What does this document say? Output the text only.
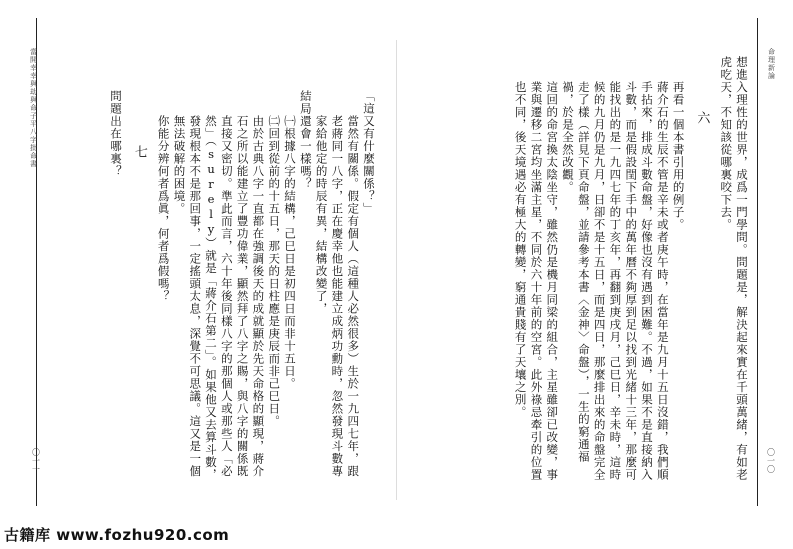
當開幸幸與劫與命子平八字批命書
〇一一

「這又有什麼關係？」

當然有關係。假定有個人（這種人必然很多）生於一九四七年，跟老蔣同一八字，正在慶幸他也能建立成炳功勳時，忽然發現斗數專家給他定的時辰有異，結構改變了，

結局還會一樣嗎？

㈠根據八字的結構，己巳日是初四日而非十五日。

㈡回到從前的十五日，那天的日柱應是庚辰而非己巳日。

由於古典八字一直都在強調後天的成就顯於先天命格的顯現，蔣介石之所以能建立了豐功偉業，顯然拜了八字之賜，與八字的關係既直接又密切。準此而言，六十年後同樣八字的那個人或那些人「必然」（surely）就是「蔣介石第二」。如果他又去算斗數，發現根本不是那回事，一定搖頭太息，深覺不可思議。這又是一個無法破解的困境。

你能分辨何者爲眞，何者爲假嗎？

七

問題出在哪裏？

命理新論
〇一〇

想進入理性的世界，成爲一門學問。問題是，解決起來實在千頭萬緒，有如老虎吃天，不知該從哪裏咬下去。

六

再看一個本書引用的例子。

蔣介石的生辰不管是辛未或者庚午時，在當年是九月十五日沒錯，我們順手拈來，排成斗數命盤，好像也沒有遇到困難。不過，如果不是直接納入斗數，而是假設閏下手中的萬年曆不夠厚到足以找到光緒十三年，那麼可能找出的是一九四七年的丁亥年，再翻到庚戌月，己巳日，辛未時，這時候的九月仍是九月，日卻不是十五日，而是四日，那麼排出來的命盤完全走了樣（詳見下頁命盤，並請參考本書〈金神〉命盤），一生的窮通福禍，於是全然改觀。

這回的命宮換太陰坐守，雖然仍是機月同梁的組合，主星雖卻已改變，事業與遷移二宮均坐滿主星，不同於六十年前的空宮。此外祿忌牽引的位置也不同，後天境遇必有極大的轉變，窮通貴賤有了天壤之別。

古籍库 www.fozhu920.com
